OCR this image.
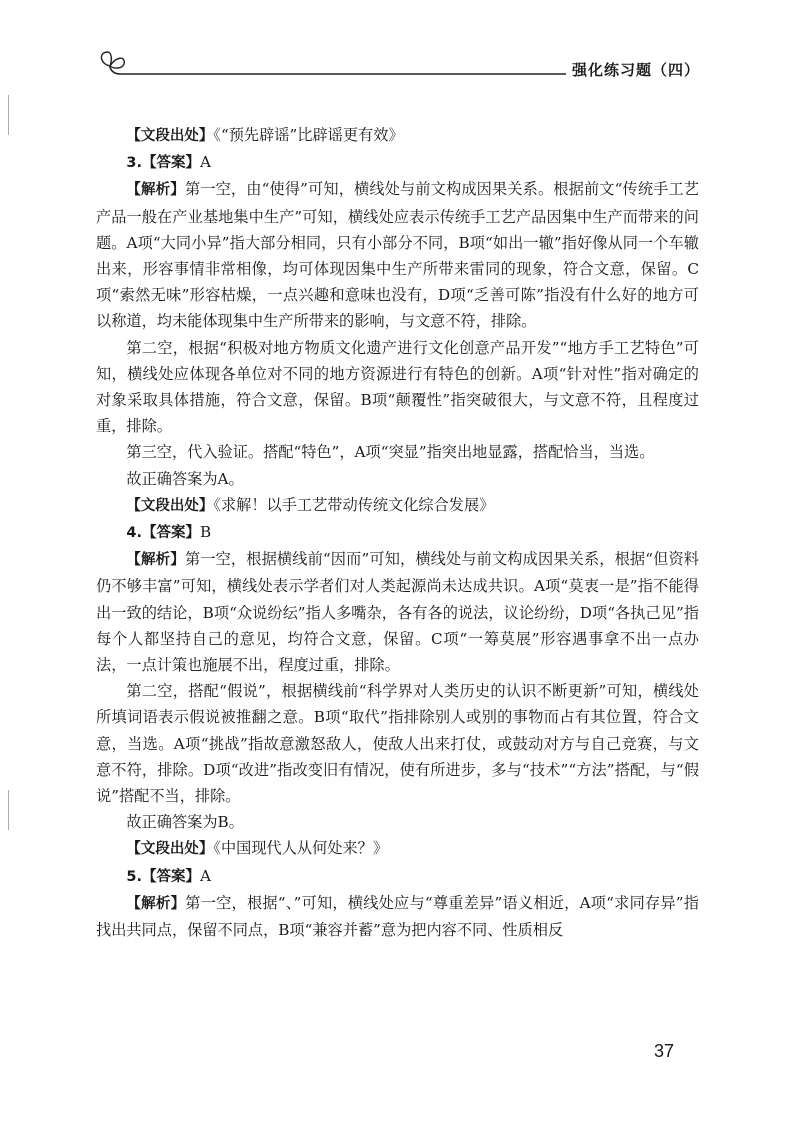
强化练习题（四）

【文段出处】《“预先辟谣”比辟谣更有效》

3.【答案】A

【解析】第一空，由“使得”可知，横线处与前文构成因果关系。根据前文“传统手工艺产品一般在产业基地集中生产”可知，横线处应表示传统手工艺产品因集中生产而带来的问题。A项“大同小异”指大部分相同，只有小部分不同，B项“如出一辙”指好像从同一个车辙出来，形容事情非常相像，均可体现因集中生产所带来雷同的现象，符合文意，保留。C项“索然无味”形容枯燥，一点兴趣和意味也没有，D项“乏善可陈”指没有什么好的地方可以称道，均未能体现集中生产所带来的影响，与文意不符，排除。

第二空，根据“积极对地方物质文化遗产进行文化创意产品开发”“地方手工艺特色”可知，横线处应体现各单位对不同的地方资源进行有特色的创新。A项“针对性”指对确定的对象采取具体措施，符合文意，保留。B项“颠覆性”指突破很大，与文意不符，且程度过重，排除。

第三空，代入验证。搭配“特色”，A项“突显”指突出地显露，搭配恰当，当选。

故正确答案为A。

【文段出处】《求解！以手工艺带动传统文化综合发展》

4.【答案】B

【解析】第一空，根据横线前“因而”可知，横线处与前文构成因果关系，根据“但资料仍不够丰富”可知，横线处表示学者们对人类起源尚未达成共识。A项“莫衷一是”指不能得出一致的结论，B项“众说纷纭”指人多嘴杂，各有各的说法，议论纷纷，D项“各执己见”指每个人都坚持自己的意见，均符合文意，保留。C项“一筹莫展”形容遇事拿不出一点办法，一点计策也施展不出，程度过重，排除。

第二空，搭配“假说”，根据横线前“科学界对人类历史的认识不断更新”可知，横线处所填词语表示假说被推翻之意。B项“取代”指排除别人或别的事物而占有其位置，符合文意，当选。A项“挑战”指故意激怒敌人，使敌人出来打仗，或鼓动对方与自己竞赛，与文意不符，排除。D项“改进”指改变旧有情况，使有所进步，多与“技术”“方法”搭配，与“假说”搭配不当，排除。

故正确答案为B。

【文段出处】《中国现代人从何处来？》

5.【答案】A

【解析】第一空，根据“、”可知，横线处应与“尊重差异”语义相近，A项“求同存异”指找出共同点，保留不同点，B项“兼容并蓄”意为把内容不同、性质相反

37
